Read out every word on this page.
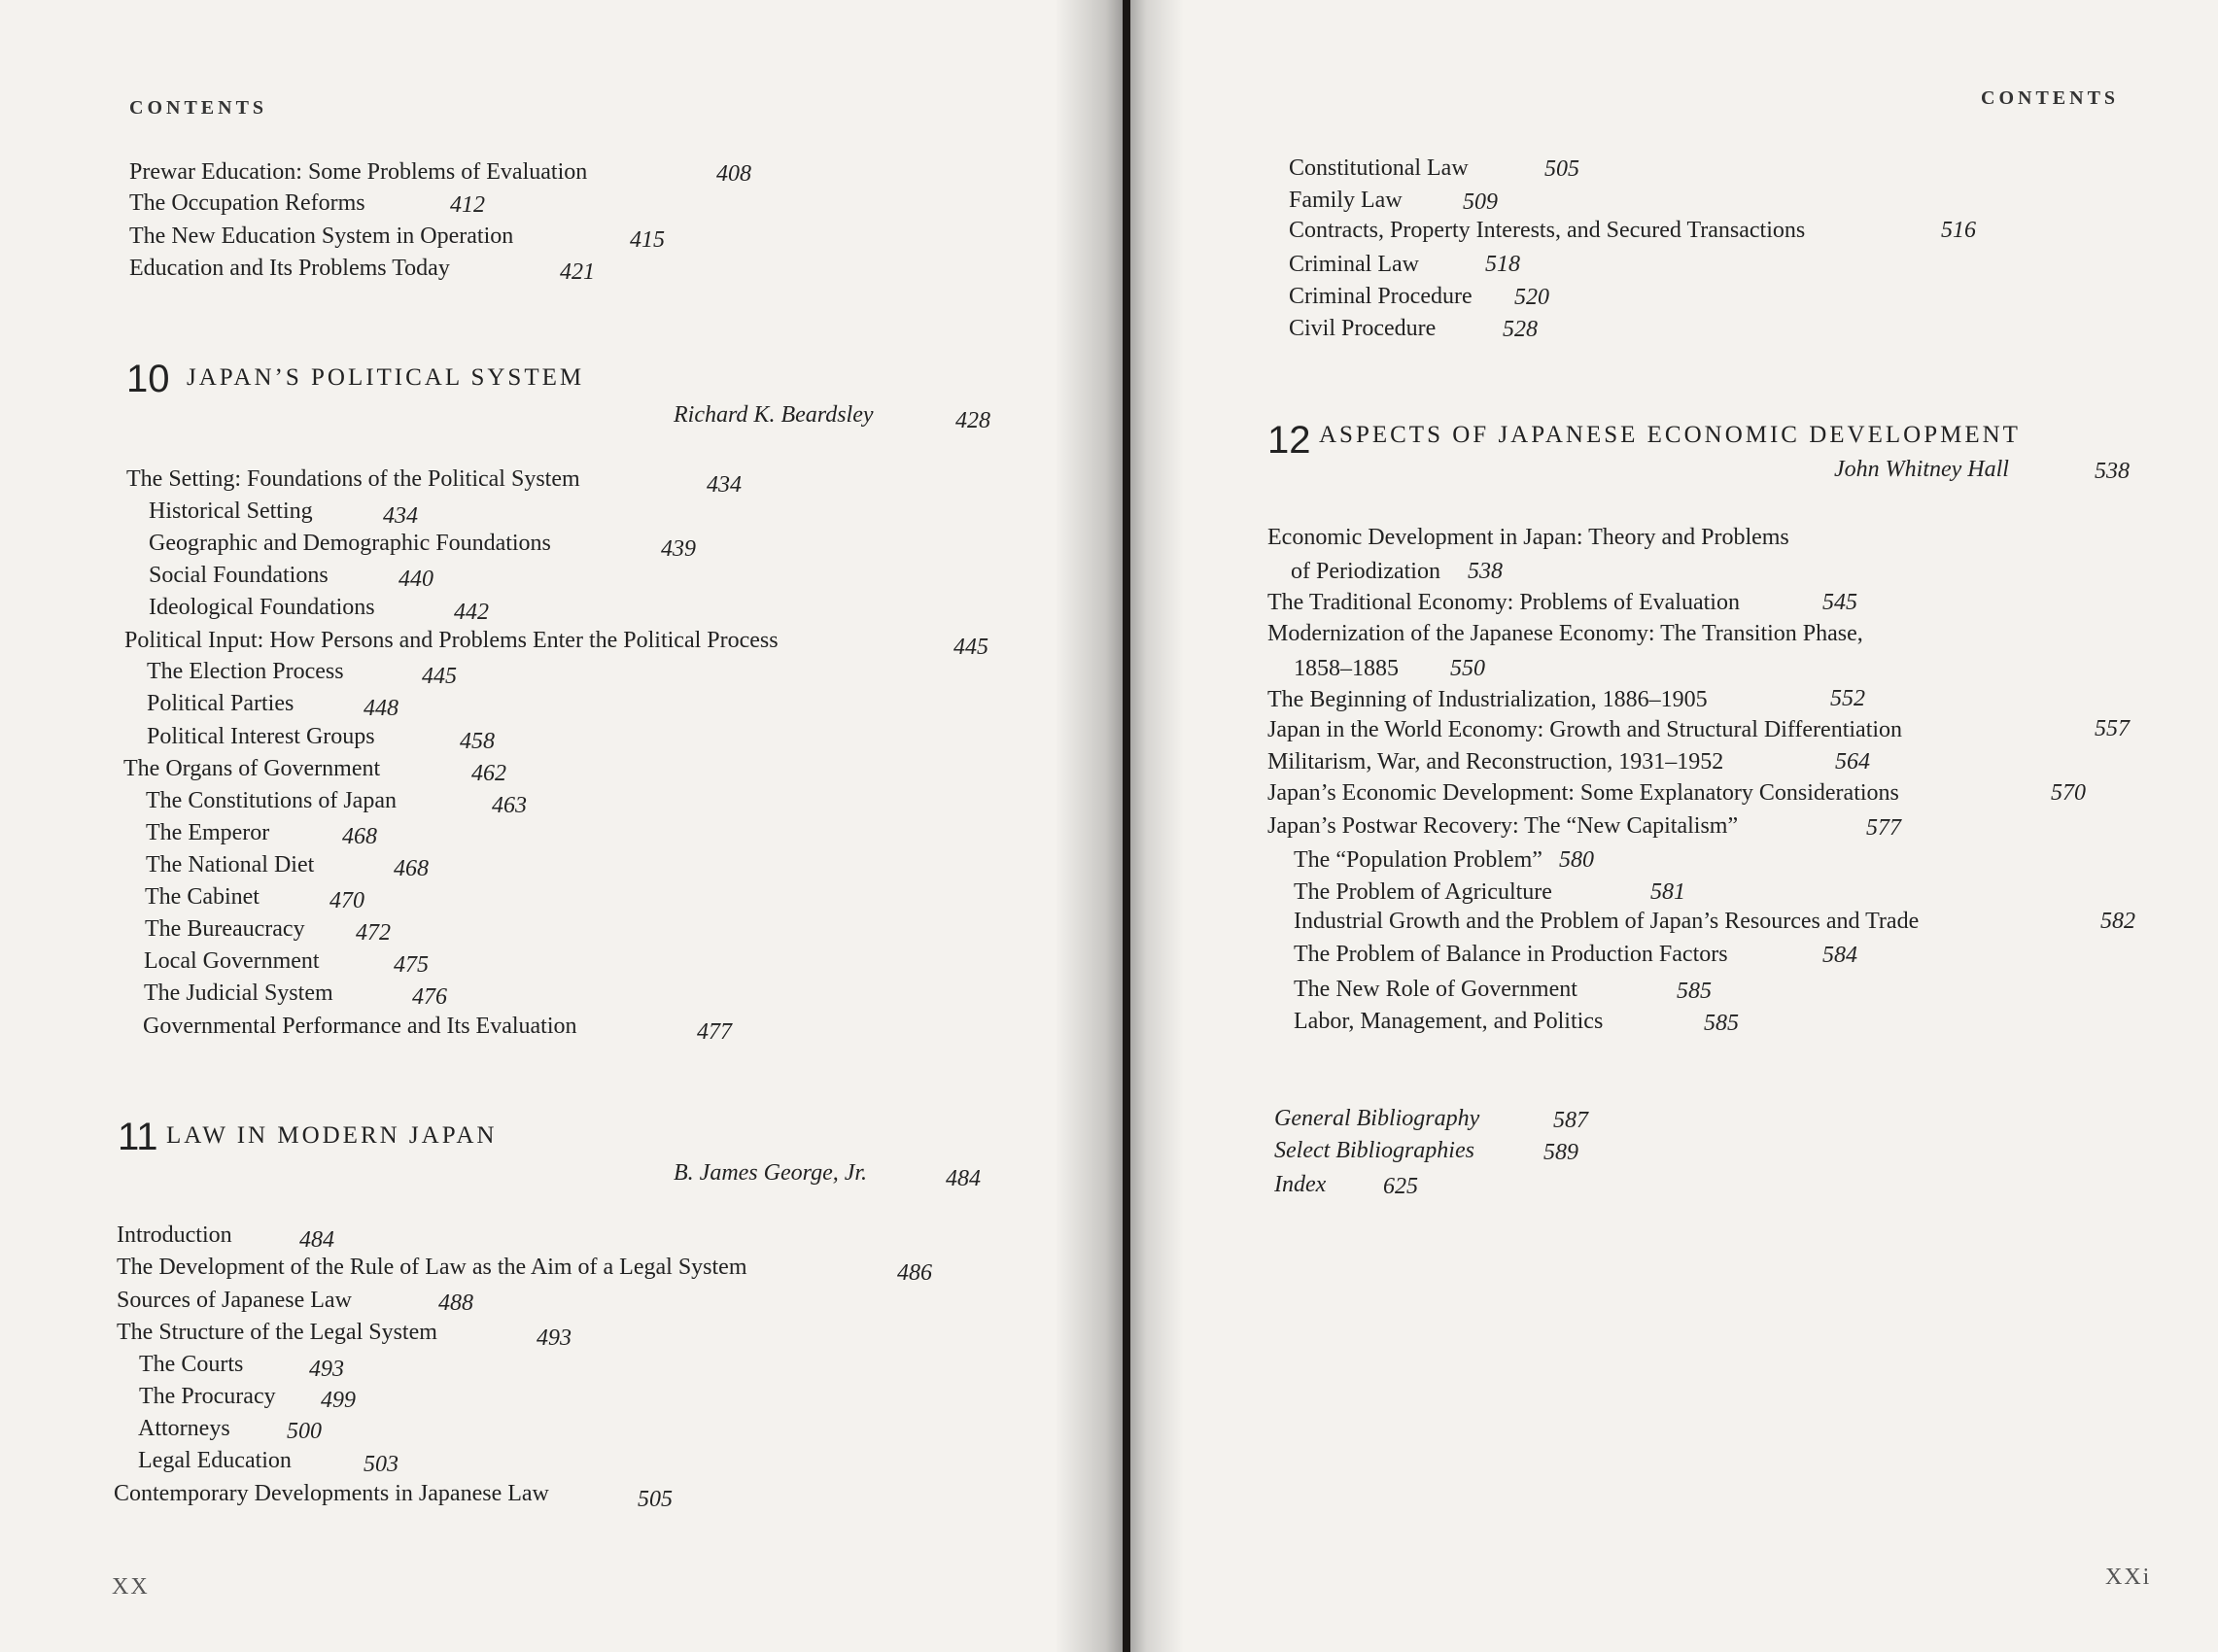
CONTENTS
Prewar Education: Some Problems of Evaluation	408
The Occupation Reforms	412
The New Education System in Operation	415
Education and Its Problems Today	421
10 JAPAN’S POLITICAL SYSTEM
Richard K. Beardsley	428
The Setting: Foundations of the Political System	434
Historical Setting	434
Geographic and Demographic Foundations	439
Social Foundations	440
Ideological Foundations	442
Political Input: How Persons and Problems Enter the Political Process	445
The Election Process	445
Political Parties	448
Political Interest Groups	458
The Organs of Government	462
The Constitutions of Japan	463
The Emperor	468
The National Diet	468
The Cabinet	470
The Bureaucracy 472
Local Government	475
The Judicial System	476
Governmental Performance and Its Evaluation	477
11 LAW IN MODERN JAPAN
B. James George, Jr.	484
Introduction	484
The Development of the Rule of Law as the Aim of a Legal System	486
Sources of Japanese Law	488
The Structure of the Legal System	493
The Courts	493
The Procuracy 499
Attorneys 500
Legal Education	503
Contemporary Developments in Japanese Law	505
XX
CONTENTS
Constitutional Law	505
Family Law	509
Contracts, Property Interests, and Secured Transactions	516
Criminal Law	518
Criminal Procedure 520
Civil Procedure	528
12 ASPECTS OF JAPANESE ECONOMIC DEVELOPMENT
John Whitney Hall	538
Economic Development in Japan: Theory and Problems
of Periodization 538
The Traditional Economy: Problems of Evaluation	545
Modernization of the Japanese Economy: The Transition Phase,
1858–1885 550
The Beginning of Industrialization, 1886–1905	552
Japan in the World Economy: Growth and Structural Differentiation	557
Militarism, War, and Reconstruction, 1931–1952	564
Japan’s Economic Development: Some Explanatory Considerations	570
Japan’s Postwar Recovery: The “New Capitalism”	577
The “Population Problem” 580
The Problem of Agriculture	581
Industrial Growth and the Problem of Japan’s Resources and Trade	582
The Problem of Balance in Production Factors	584
The New Role of Government	585
Labor, Management, and Politics	585
General Bibliography	587
Select Bibliographies	589
Index 625
XXi
